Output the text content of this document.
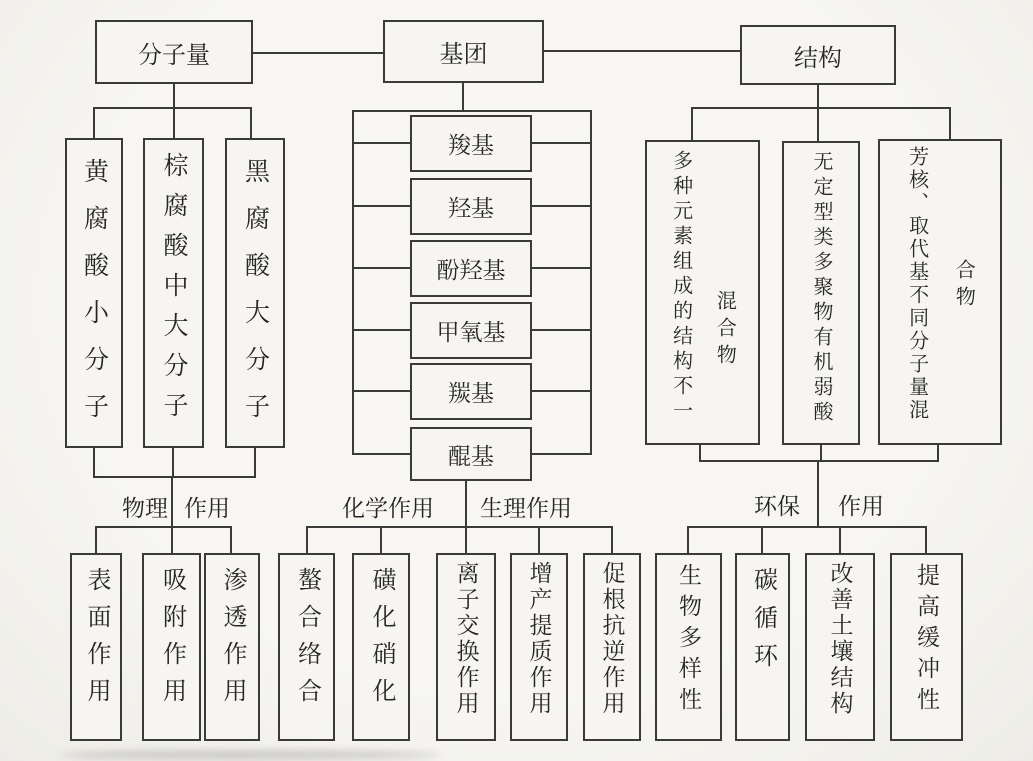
分子量	基团	结构
黄腐酸小分子 棕腐酸中大分子 黑腐酸大分子
羧基
羟基
酚羟基
甲氧基
羰基
醌基
多种元素组成的结构不一 混合物	无定型类多聚物有机弱酸	芳核、取代基不同分子量混 合物
物理 作用	化学作用 生理作用	环保 作用
表面作用 吸附作用 渗透作用 螯合络合 磺化硝化	离子交换作用 增产提质作用 促根抗逆作用 生物多样性 碳循环 改善土壤结构	提高缓冲性
